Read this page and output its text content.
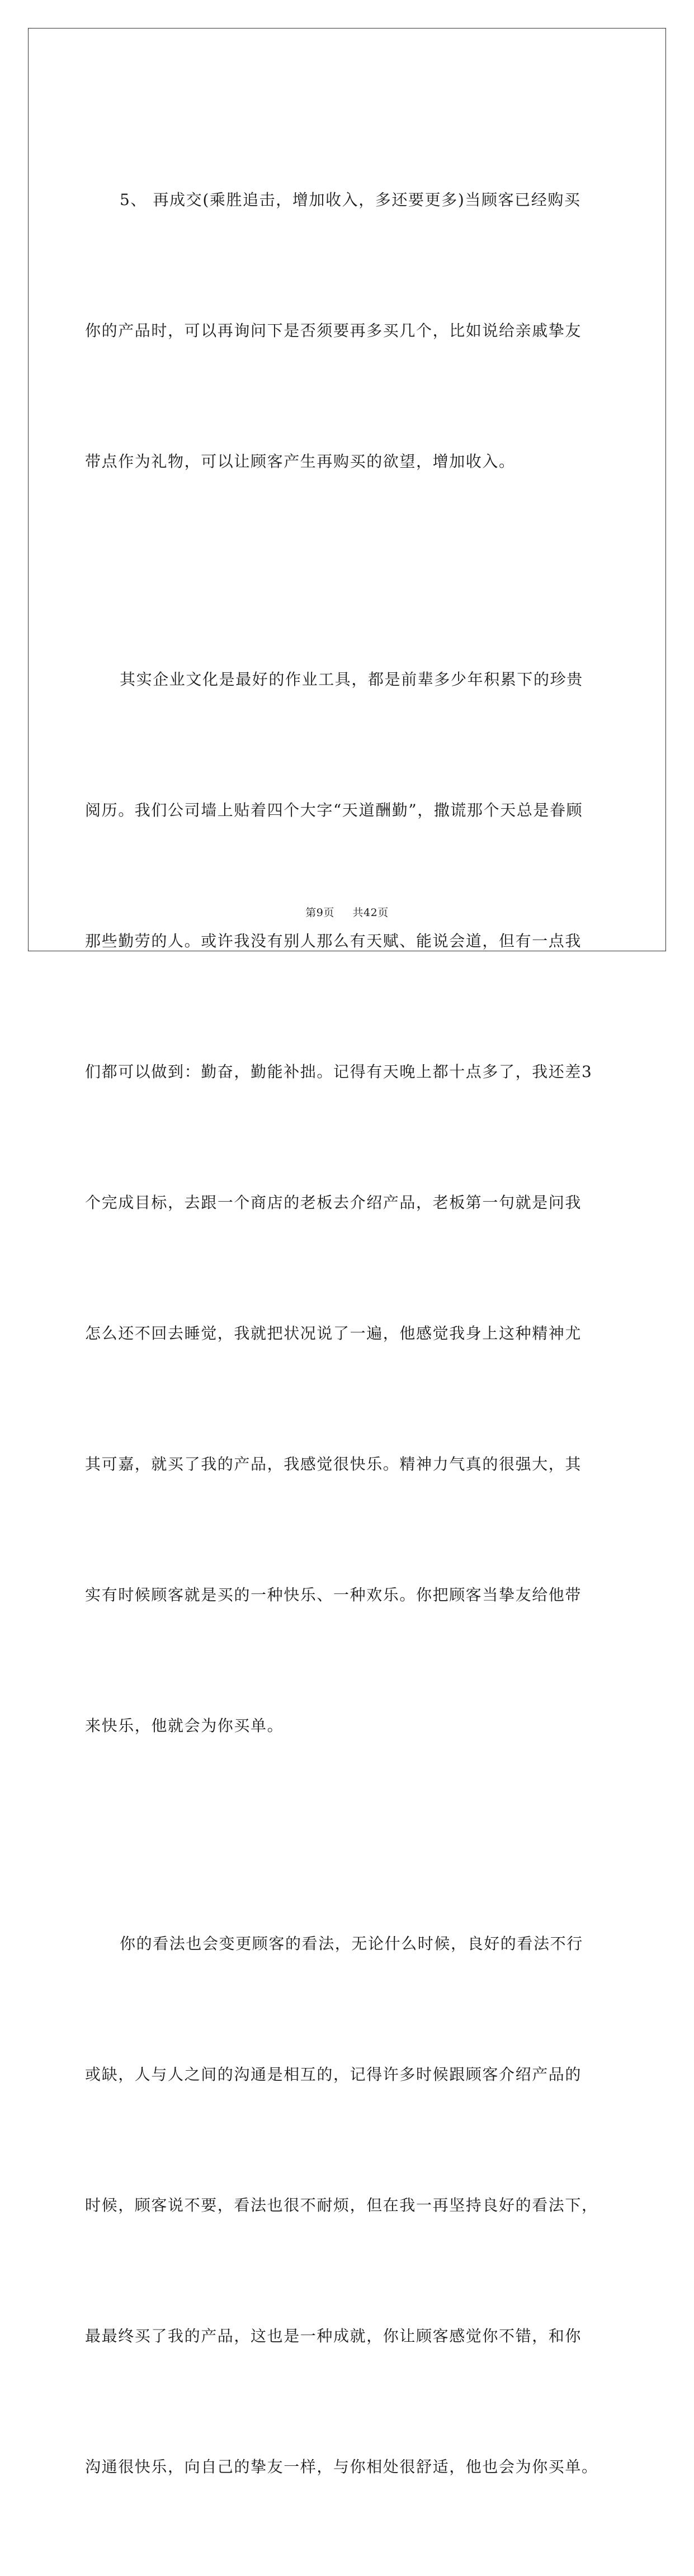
5、 再成交(乘胜追击，增加收入，多还要更多)当顾客已经购买

你的产品时，可以再询问下是否须要再多买几个，比如说给亲戚挚友

带点作为礼物，可以让顾客产生再购买的欲望，增加收入。

其实企业文化是最好的作业工具，都是前辈多少年积累下的珍贵

阅历。我们公司墙上贴着四个大字“天道酬勤”，撒谎那个天总是眷顾

那些勤劳的人。或许我没有别人那么有天赋、能说会道，但有一点我

们都可以做到：勤奋，勤能补拙。记得有天晚上都十点多了，我还差3

个完成目标，去跟一个商店的老板去介绍产品，老板第一句就是问我

怎么还不回去睡觉，我就把状况说了一遍，他感觉我身上这种精神尤

其可嘉，就买了我的产品，我感觉很快乐。精神力气真的很强大，其

实有时候顾客就是买的一种快乐、一种欢乐。你把顾客当挚友给他带

来快乐，他就会为你买单。

你的看法也会变更顾客的看法，无论什么时候，良好的看法不行

或缺，人与人之间的沟通是相互的，记得许多时候跟顾客介绍产品的

时候，顾客说不要，看法也很不耐烦，但在我一再坚持良好的看法下，

最最终买了我的产品，这也是一种成就，你让顾客感觉你不错，和你

沟通很快乐，向自己的挚友一样，与你相处很舒适，他也会为你买单。

第9页 共42页
